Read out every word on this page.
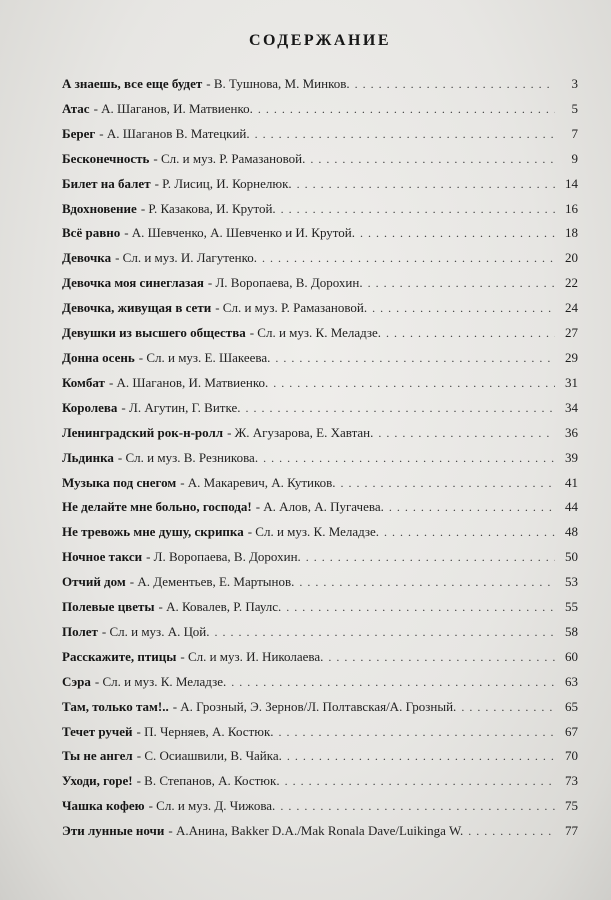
СОДЕРЖАНИЕ
А знаешь, все еще будет - В. Тушнова, М. Минков. . . .	3
Атас - А. Шаганов, И. Матвиенко. . . .	5
Берег - А. Шаганов В. Матецкий. . . .	7
Бесконечность - Сл. и муз. Р. Рамазановой. . . .	9
Билет на балет - Р. Лисиц, И. Корнелюк. . . .	14
Вдохновение - Р. Казакова, И. Крутой. . . .	16
Всё равно - А. Шевченко, А. Шевченко и И. Крутой. . . .	18
Девочка - Сл. и муз. И. Лагутенко. . . .	20
Девочка моя синеглазая - Л. Воропаева, В. Дорохин. . . .	22
Девочка, живущая в сети - Сл. и муз. Р. Рамазановой. . . .	24
Девушки из высшего общества - Сл. и муз. К. Меладзе. . . .	27
Донна осень - Сл. и муз. Е. Шакеева. . . .	29
Комбат - А. Шаганов, И. Матвиенко. . . .	31
Королева - Л. Агутин, Г. Витке. . . .	34
Ленинградский рок-н-ролл - Ж. Агузарова, Е. Хавтан. . . .	36
Льдинка - Сл. и муз. В. Резникова. . . .	39
Музыка под снегом - А. Макаревич, А. Кутиков. . . .	41
Не делайте мне больно, господа! - А. Алов, А. Пугачева. . . .	44
Не тревожь мне душу, скрипка - Сл. и муз. К. Меладзе. . . .	48
Ночное такси - Л. Воропаева, В. Дорохин. . . .	50
Отчий дом - А. Дементьев, Е. Мартынов. . . .	53
Полевые цветы - А. Ковалев, Р. Паулс. . . .	55
Полет - Сл. и муз. А. Цой. . . .	58
Расскажите, птицы - Сл. и муз. И. Николаева. . . .	60
Сэра - Сл. и муз. К. Меладзе. . . .	63
Там, только там!.. - А. Грозный, Э. Зернов/Л. Полтавская/А. Грозный. . . .	65
Течет ручей - П. Черняев, А. Костюк. . . .	67
Ты не ангел - С. Осиашвили, В. Чайка. . . .	70
Уходи, горе! - В. Степанов, А. Костюк. . . .	73
Чашка кофею - Сл. и муз. Д. Чижова. . . .	75
Эти лунные ночи - А.Анина, Bakker D.A./Mak Ronala Dave/Luikinga W. . . .	77
